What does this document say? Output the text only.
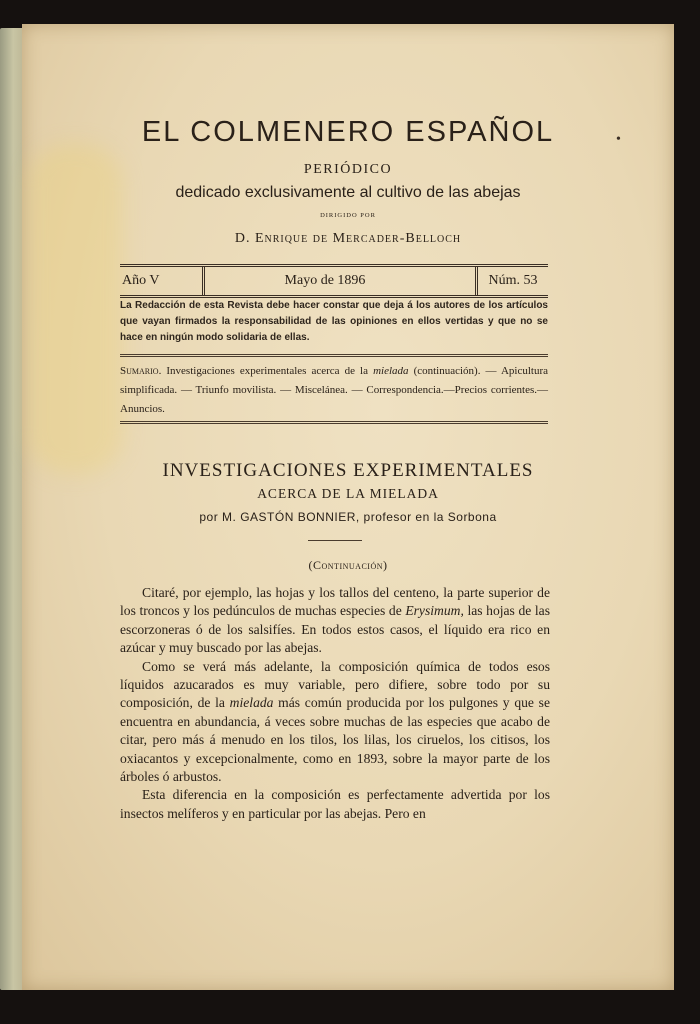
•
EL COLMENERO ESPAÑOL
PERIÓDICO
dedicado exclusivamente al cultivo de las abejas
DIRIGIDO POR
D. Enrique de Mercader-Belloch
Año V	Mayo de 1896	Núm. 53
La Redacción de esta Revista debe hacer constar que deja á los autores de los artículos que vayan firmados la responsabilidad de las opiniones en ellos vertidas y que no se hace en ningún modo solidaria de ellas.
Sumario. Investigaciones experimentales acerca de la mielada (continuación). — Apicultura simplificada. — Triunfo movilista. — Miscelánea. — Correspondencia.—Precios corrientes.—Anuncios.
INVESTIGACIONES EXPERIMENTALES
ACERCA DE LA MIELADA
por M. GASTÓN BONNIER, profesor en la Sorbona
(Continuación)

Citaré, por ejemplo, las hojas y los tallos del centeno, la parte superior de los troncos y los pedúnculos de muchas especies de Erysimum, las hojas de las escorzoneras ó de los salsifíes. En todos estos casos, el líquido era rico en azúcar y muy buscado por las abejas.

Como se verá más adelante, la composición química de todos esos líquidos azucarados es muy variable, pero difiere, sobre todo por su composición, de la mielada más común producida por los pulgones y que se encuentra en abundancia, á veces sobre muchas de las especies que acabo de citar, pero más á menudo en los tilos, los lilas, los ciruelos, los citisos, los oxiacantos y excepcionalmente, como en 1893, sobre la mayor parte de los árboles ó arbustos.

Esta diferencia en la composición es perfectamente advertida por los insectos melíferos y en particular por las abejas. Pero en
